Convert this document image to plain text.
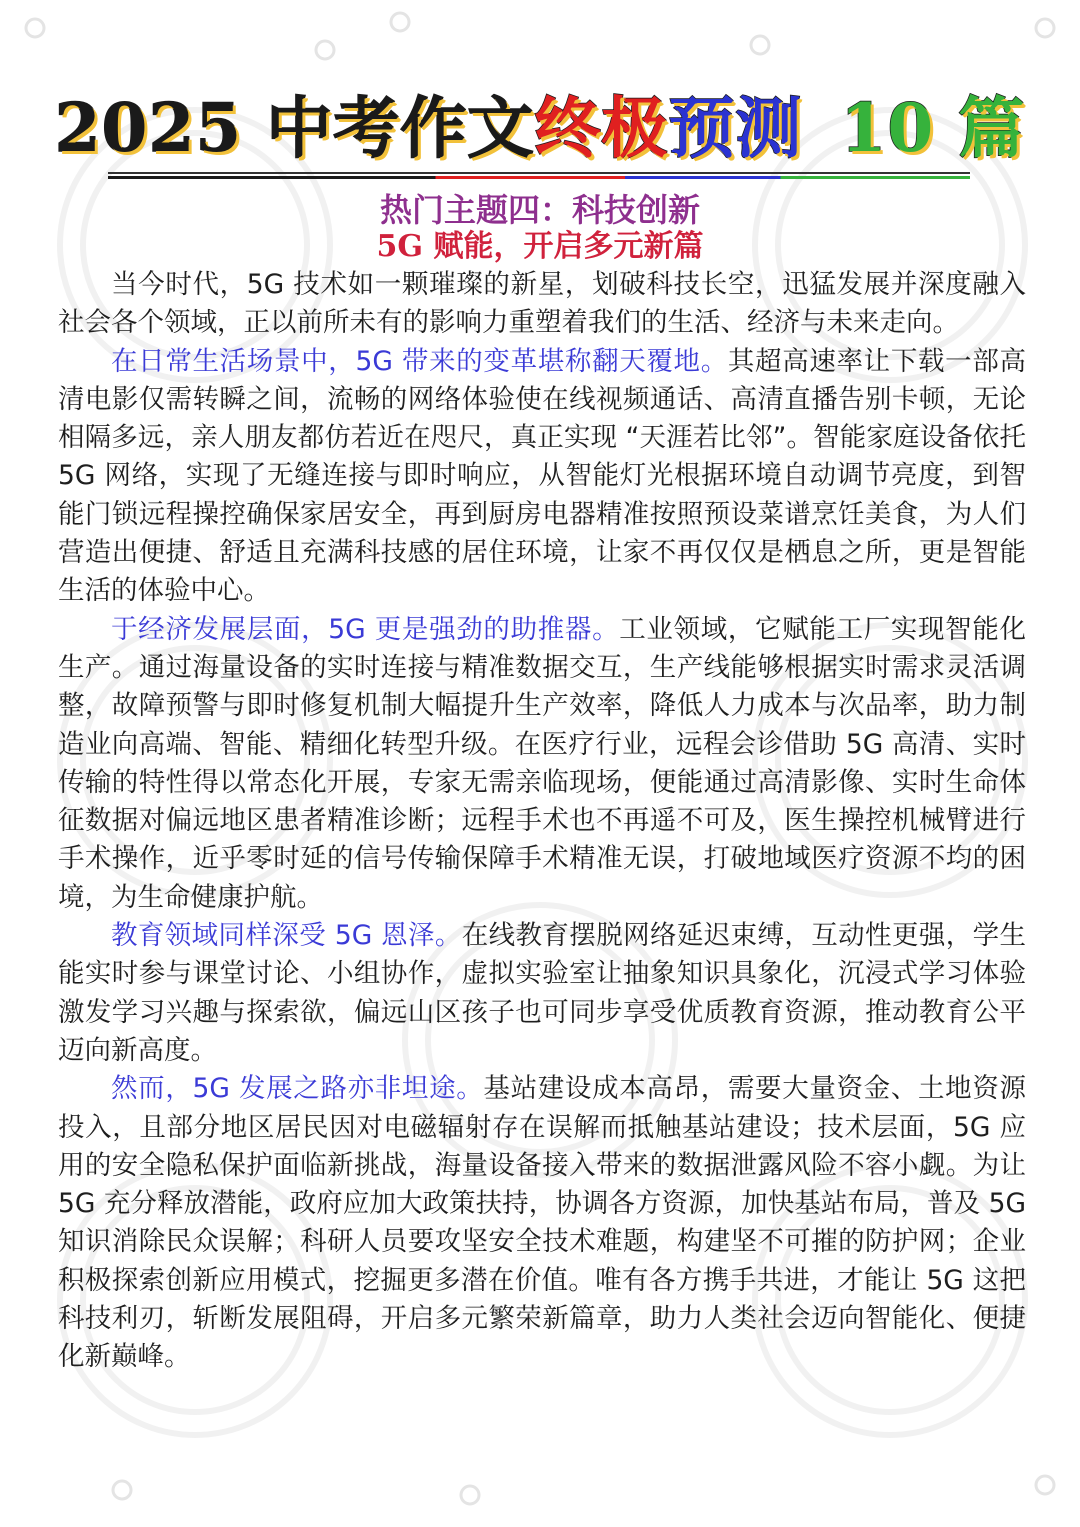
2025 中考作文终极预测 10 篇
热门主题四：科技创新
5G 赋能，开启多元新篇

当今时代，5G 技术如一颗璀璨的新星，划破科技长空，迅猛发展并深度融入社会各个领域，正以前所未有的影响力重塑着我们的生活、经济与未来走向。

在日常生活场景中，5G 带来的变革堪称翻天覆地。其超高速率让下载一部高清电影仅需转瞬之间，流畅的网络体验使在线视频通话、高清直播告别卡顿，无论相隔多远，亲人朋友都仿若近在咫尺，真正实现 “天涯若比邻”。智能家庭设备依托 5G 网络，实现了无缝连接与即时响应，从智能灯光根据环境自动调节亮度，到智能门锁远程操控确保家居安全，再到厨房电器精准按照预设菜谱烹饪美食，为人们营造出便捷、舒适且充满科技感的居住环境，让家不再仅仅是栖息之所，更是智能生活的体验中心。

于经济发展层面，5G 更是强劲的助推器。工业领域，它赋能工厂实现智能化生产。通过海量设备的实时连接与精准数据交互，生产线能够根据实时需求灵活调整，故障预警与即时修复机制大幅提升生产效率，降低人力成本与次品率，助力制造业向高端、智能、精细化转型升级。在医疗行业，远程会诊借助 5G 高清、实时传输的特性得以常态化开展，专家无需亲临现场，便能通过高清影像、实时生命体征数据对偏远地区患者精准诊断；远程手术也不再遥不可及，医生操控机械臂进行手术操作，近乎零时延的信号传输保障手术精准无误，打破地域医疗资源不均的困境，为生命健康护航。

教育领域同样深受 5G 恩泽。在线教育摆脱网络延迟束缚，互动性更强，学生能实时参与课堂讨论、小组协作，虚拟实验室让抽象知识具象化，沉浸式学习体验激发学习兴趣与探索欲，偏远山区孩子也可同步享受优质教育资源，推动教育公平迈向新高度。

然而，5G 发展之路亦非坦途。基站建设成本高昂，需要大量资金、土地资源投入，且部分地区居民因对电磁辐射存在误解而抵触基站建设；技术层面，5G 应用的安全隐私保护面临新挑战，海量设备接入带来的数据泄露风险不容小觑。为让 5G 充分释放潜能，政府应加大政策扶持，协调各方资源，加快基站布局，普及 5G 知识消除民众误解；科研人员要攻坚安全技术难题，构建坚不可摧的防护网；企业积极探索创新应用模式，挖掘更多潜在价值。唯有各方携手共进，才能让 5G 这把科技利刃，斩断发展阻碍，开启多元繁荣新篇章，助力人类社会迈向智能化、便捷化新巅峰。
